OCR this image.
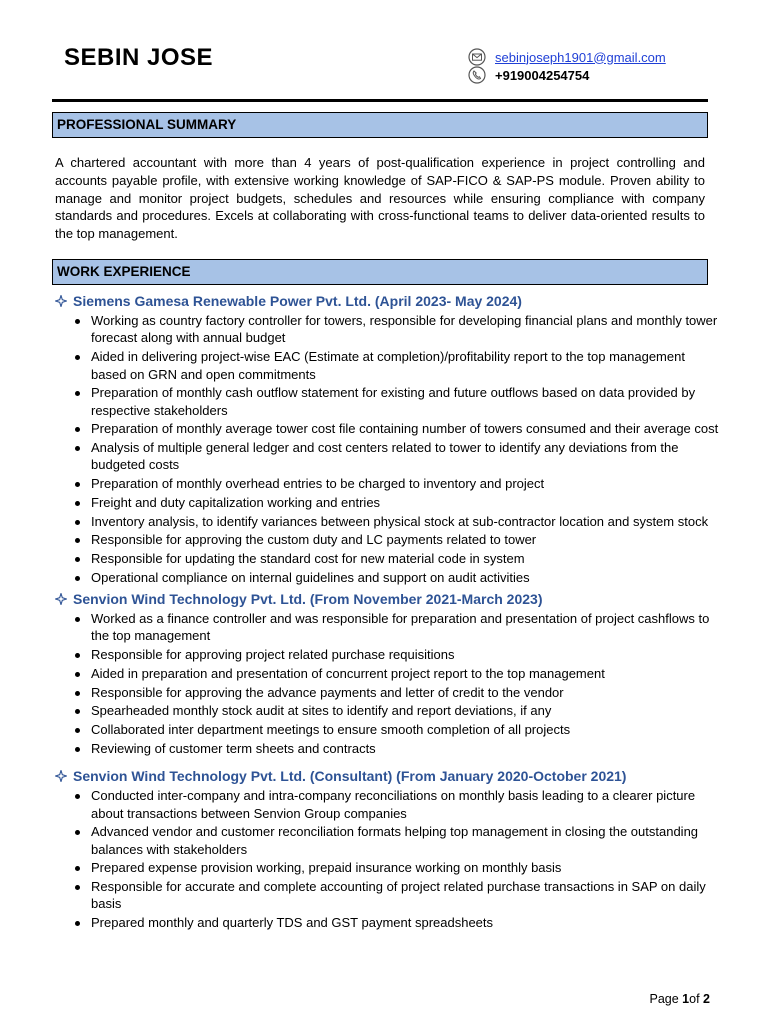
SEBIN JOSE	sebinjoseph1901@gmail.com
+919004254754
PROFESSIONAL SUMMARY

A chartered accountant with more than 4 years of post-qualification experience in project controlling and accounts payable profile, with extensive working knowledge of SAP-FICO & SAP-PS module. Proven ability to manage and monitor project budgets, schedules and resources while ensuring compliance with company standards and procedures. Excels at collaborating with cross-functional teams to deliver data-oriented results to the top management.

WORK EXPERIENCE
Siemens Gamesa Renewable Power Pvt. Ltd. (April 2023- May 2024)
Working as country factory controller for towers, responsible for developing financial plans and monthly tower forecast along with annual budget
Aided in delivering project-wise EAC (Estimate at completion)/profitability report to the top management based on GRN and open commitments
Preparation of monthly cash outflow statement for existing and future outflows based on data provided by respective stakeholders
Preparation of monthly average tower cost file containing number of towers consumed and their average cost
Analysis of multiple general ledger and cost centers related to tower to identify any deviations from the budgeted costs
Preparation of monthly overhead entries to be charged to inventory and project
Freight and duty capitalization working and entries
Inventory analysis, to identify variances between physical stock at sub-contractor location and system stock
Responsible for approving the custom duty and LC payments related to tower
Responsible for updating the standard cost for new material code in system
Operational compliance on internal guidelines and support on audit activities
Senvion Wind Technology Pvt. Ltd. (From November 2021-March 2023)
Worked as a finance controller and was responsible for preparation and presentation of project cashflows to the top management
Responsible for approving project related purchase requisitions
Aided in preparation and presentation of concurrent project report to the top management
Responsible for approving the advance payments and letter of credit to the vendor
Spearheaded monthly stock audit at sites to identify and report deviations, if any
Collaborated inter department meetings to ensure smooth completion of all projects
Reviewing of customer term sheets and contracts
Senvion Wind Technology Pvt. Ltd. (Consultant) (From January 2020-October 2021)
Conducted inter-company and intra-company reconciliations on monthly basis leading to a clearer picture about transactions between Senvion Group companies
Advanced vendor and customer reconciliation formats helping top management in closing the outstanding balances with stakeholders
Prepared expense provision working, prepaid insurance working on monthly basis
Responsible for accurate and complete accounting of project related purchase transactions in SAP on daily basis
Prepared monthly and quarterly TDS and GST payment spreadsheets
Page 1of 2
